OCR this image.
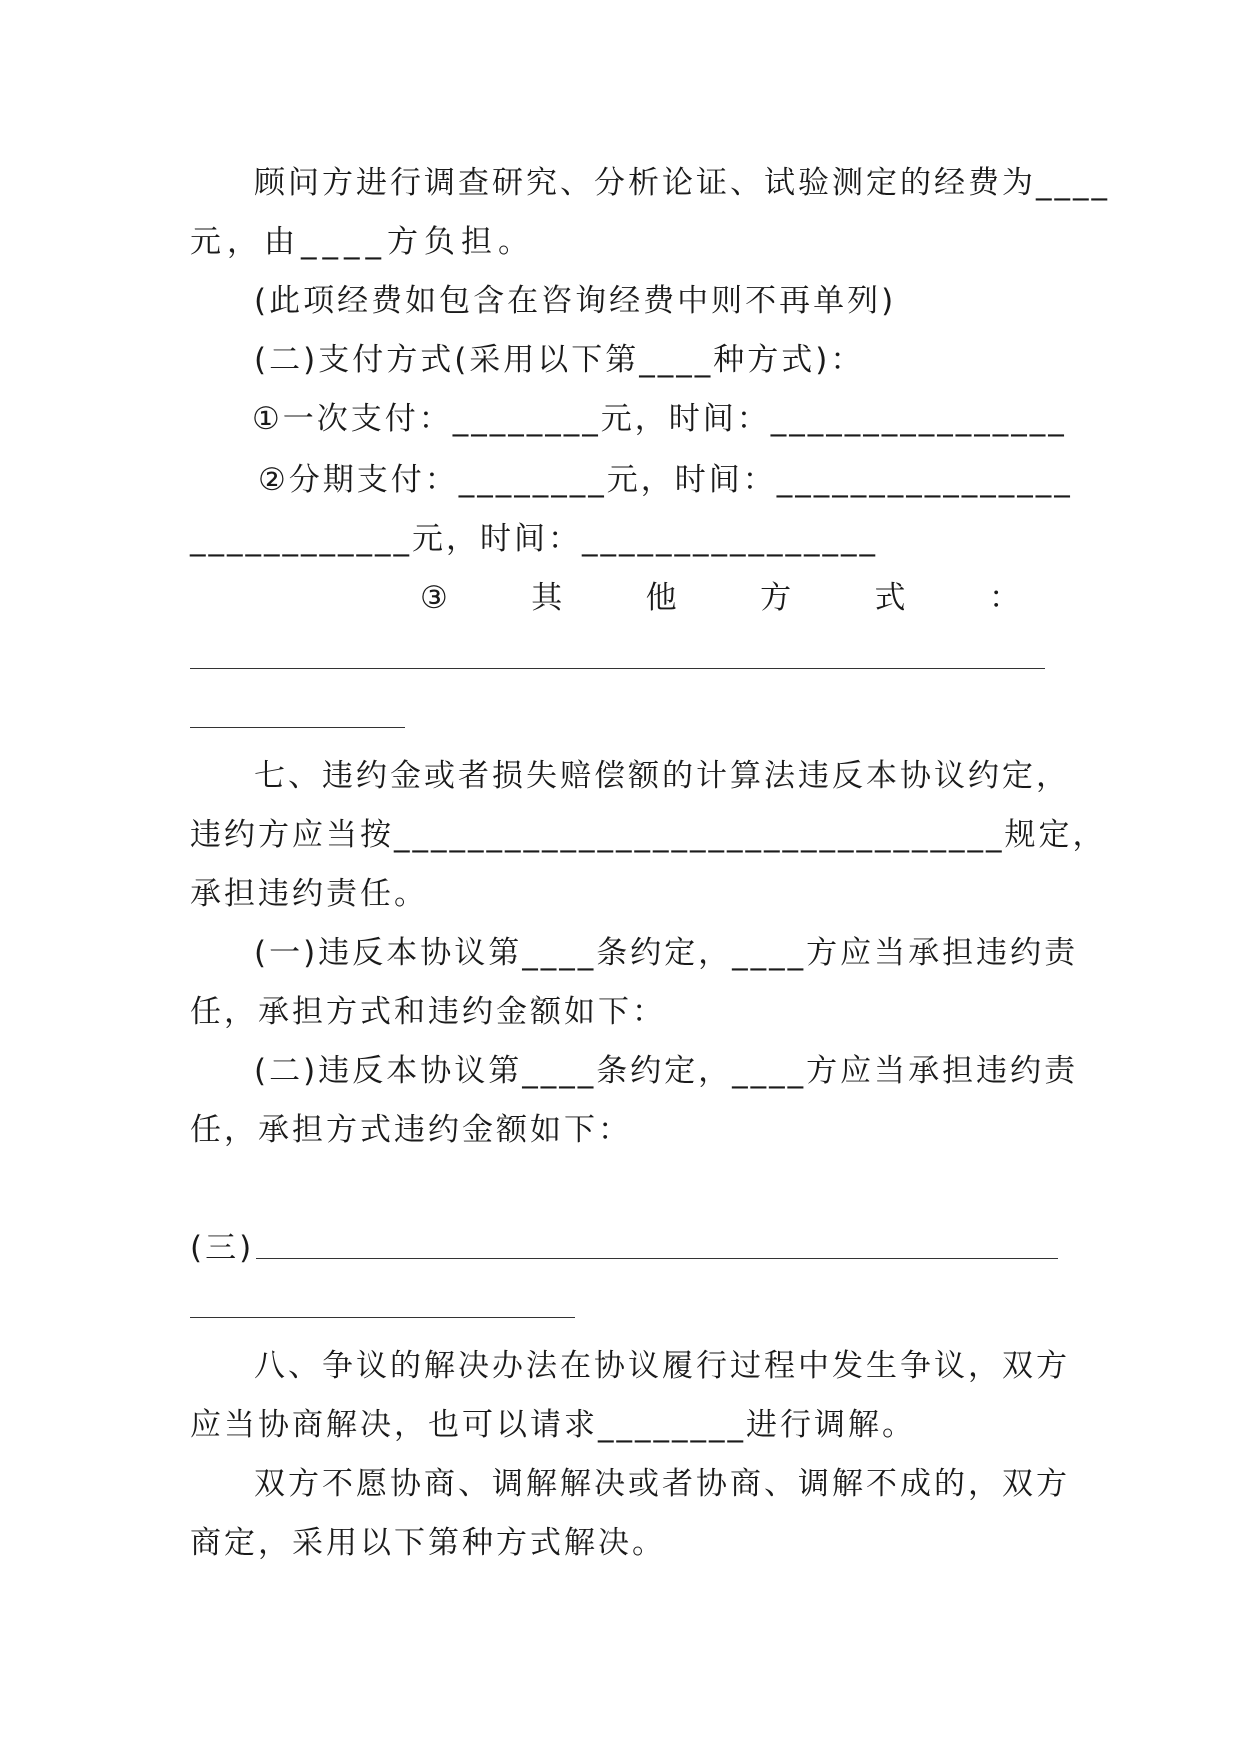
顾问方进行调查研究、分析论证、试验测定的经费为____
元，由____方负担。
(此项经费如包含在咨询经费中则不再单列)
(二)支付方式(采用以下第____种方式)：
①一次支付：________元，时间：________________
②分期支付：________元，时间：________________
____________元，时间：________________
③	其	他	方	式	：
七、违约金或者损失赔偿额的计算法违反本协议约定，
违约方应当按_________________________________规定，
承担违约责任。
(一)违反本协议第____条约定，____方应当承担违约责
任，承担方式和违约金额如下：
(二)违反本协议第____条约定，____方应当承担违约责
任，承担方式违约金额如下：
(三)
八、争议的解决办法在协议履行过程中发生争议，双方
应当协商解决，也可以请求________进行调解。
双方不愿协商、调解解决或者协商、调解不成的，双方
商定，采用以下第种方式解决。
